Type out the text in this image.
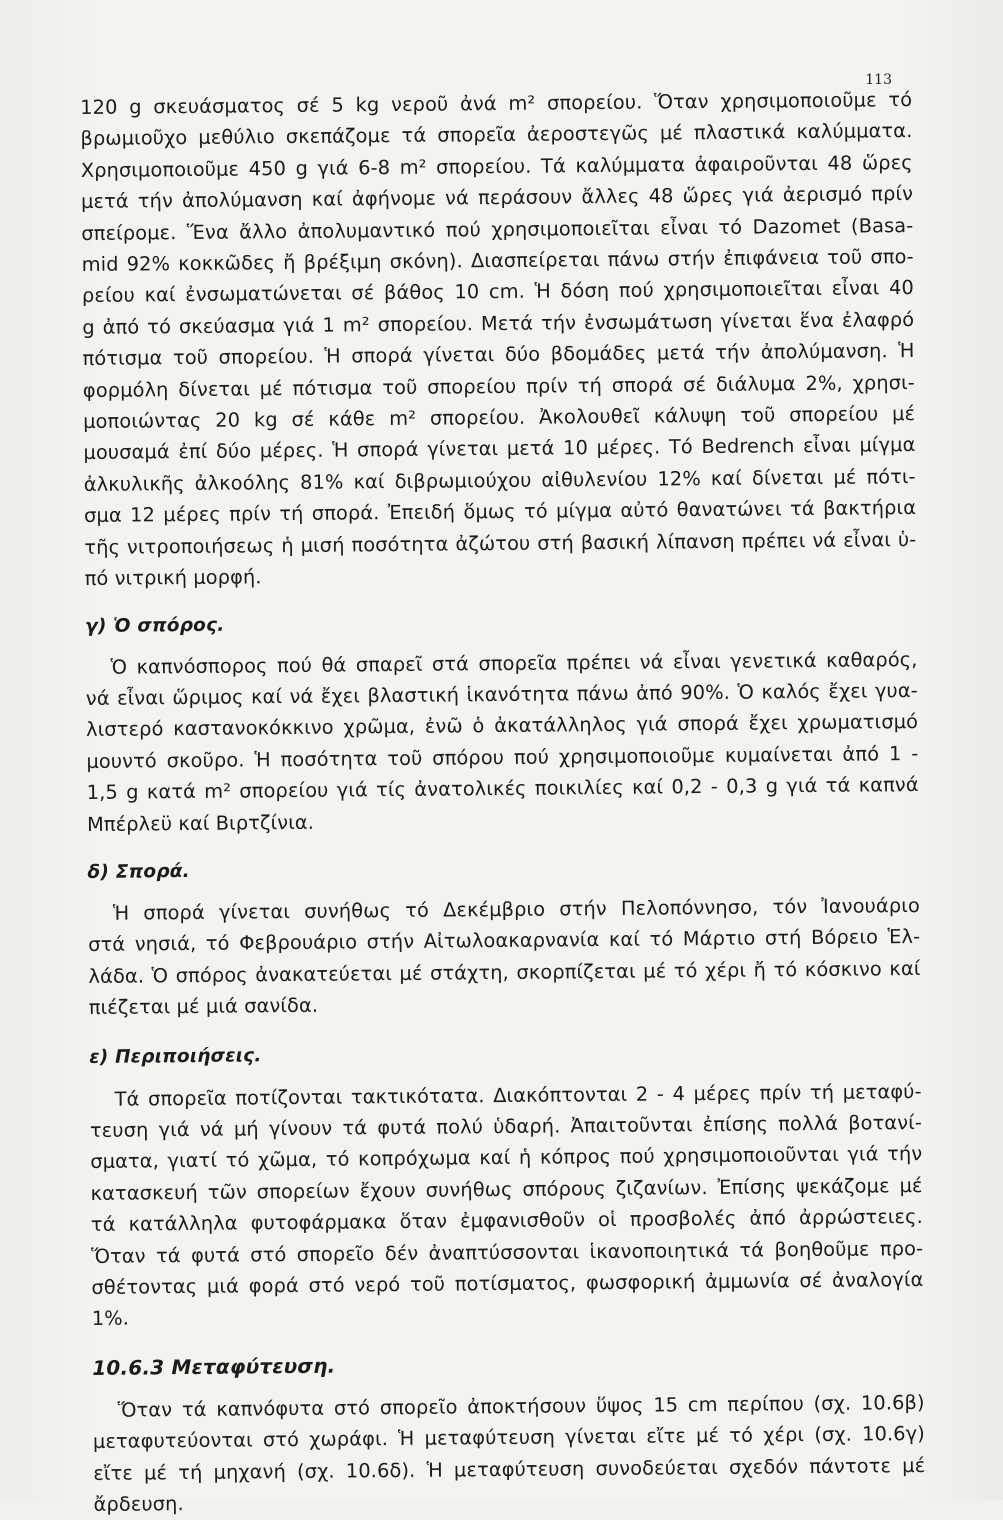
113

120 g σκευάσματος σέ 5 kg νεροῦ ἀνά m² σπορείου. Ὅταν χρησιμοποιοῦμε τό
βρωμιοῦχο μεθύλιο σκεπάζομε τά σπορεῖα ἀεροστεγῶς μέ πλαστικά καλύμματα.
Χρησιμοποιοῦμε 450 g γιά 6-8 m² σπορείου. Τά καλύμματα ἀφαιροῦνται 48 ὥρες
μετά τήν ἀπολύμανση καί ἀφήνομε νά περάσουν ἄλλες 48 ὥρες γιά ἀερισμό πρίν
σπείρομε. Ἕνα ἄλλο ἀπολυμαντικό πού χρησιμοποιεῖται εἶναι τό Dazomet (Basa-
mid 92% κοκκῶδες ἤ βρέξιμη σκόνη). Διασπείρεται πάνω στήν ἐπιφάνεια τοῦ σπο-
ρείου καί ἐνσωματώνεται σέ βάθος 10 cm. Ἡ δόση πού χρησιμοποιεῖται εἶναι 40
g ἀπό τό σκεύασμα γιά 1 m² σπορείου. Μετά τήν ἐνσωμάτωση γίνεται ἕνα ἐλαφρό
πότισμα τοῦ σπορείου. Ἡ σπορά γίνεται δύο βδομάδες μετά τήν ἀπολύμανση. Ἡ
φορμόλη δίνεται μέ πότισμα τοῦ σπορείου πρίν τή σπορά σέ διάλυμα 2%, χρησι-
μοποιώντας 20 kg σέ κάθε m² σπορείου. Ἀκολουθεῖ κάλυψη τοῦ σπορείου μέ
μουσαμά ἐπί δύο μέρες. Ἡ σπορά γίνεται μετά 10 μέρες. Τό Bedrench εἶναι μίγμα
ἀλκυλικῆς ἀλκοόλης 81% καί διβρωμιούχου αἰθυλενίου 12% καί δίνεται μέ πότι-
σμα 12 μέρες πρίν τή σπορά. Ἐπειδή ὅμως τό μίγμα αὐτό θανατώνει τά βακτήρια
τῆς νιτροποιήσεως ἡ μισή ποσότητα ἀζώτου στή βασική λίπανση πρέπει νά εἶναι ὑ-
πό νιτρική μορφή.

γ) Ὁ σπόρος.

Ὁ καπνόσπορος πού θά σπαρεῖ στά σπορεῖα πρέπει νά εἶναι γενετικά καθαρός,
νά εἶναι ὥριμος καί νά ἔχει βλαστική ἱκανότητα πάνω ἀπό 90%. Ὁ καλός ἔχει γυα-
λιστερό καστανοκόκκινο χρῶμα, ἐνῶ ὁ ἀκατάλληλος γιά σπορά ἔχει χρωματισμό
μουντό σκοῦρο. Ἡ ποσότητα τοῦ σπόρου πού χρησιμοποιοῦμε κυμαίνεται ἀπό 1 -
1,5 g κατά m² σπορείου γιά τίς ἀνατολικές ποικιλίες καί 0,2 - 0,3 g γιά τά καπνά
Μπέρλεϋ καί Βιρτζίνια.

δ) Σπορά.

Ἡ σπορά γίνεται συνήθως τό Δεκέμβριο στήν Πελοπόννησο, τόν Ἰανουάριο
στά νησιά, τό Φεβρουάριο στήν Αἰτωλοακαρνανία καί τό Μάρτιο στή Βόρειο Ἑλ-
λάδα. Ὁ σπόρος ἀνακατεύεται μέ στάχτη, σκορπίζεται μέ τό χέρι ἤ τό κόσκινο καί
πιέζεται μέ μιά σανίδα.

ε) Περιποιήσεις.

Τά σπορεῖα ποτίζονται τακτικότατα. Διακόπτονται 2 - 4 μέρες πρίν τή μεταφύ-
τευση γιά νά μή γίνουν τά φυτά πολύ ὑδαρή. Ἀπαιτοῦνται ἐπίσης πολλά βοτανί-
σματα, γιατί τό χῶμα, τό κοπρόχωμα καί ἡ κόπρος πού χρησιμοποιοῦνται γιά τήν
κατασκευή τῶν σπορείων ἔχουν συνήθως σπόρους ζιζανίων. Ἐπίσης ψεκάζομε μέ
τά κατάλληλα φυτοφάρμακα ὅταν ἐμφανισθοῦν οἱ προσβολές ἀπό ἀρρώστειες.
Ὅταν τά φυτά στό σπορεῖο δέν ἀναπτύσσονται ἱκανοποιητικά τά βοηθοῦμε προ-
σθέτοντας μιά φορά στό νερό τοῦ ποτίσματος, φωσφορική ἀμμωνία σέ ἀναλογία
1%.

10.6.3 Μεταφύτευση.

Ὅταν τά καπνόφυτα στό σπορεῖο ἀποκτήσουν ὕψος 15 cm περίπου (σχ. 10.6β)
μεταφυτεύονται στό χωράφι. Ἡ μεταφύτευση γίνεται εἴτε μέ τό χέρι (σχ. 10.6γ)
εἴτε μέ τή μηχανή (σχ. 10.6δ). Ἡ μεταφύτευση συνοδεύεται σχεδόν πάντοτε μέ
ἄρδευση.
